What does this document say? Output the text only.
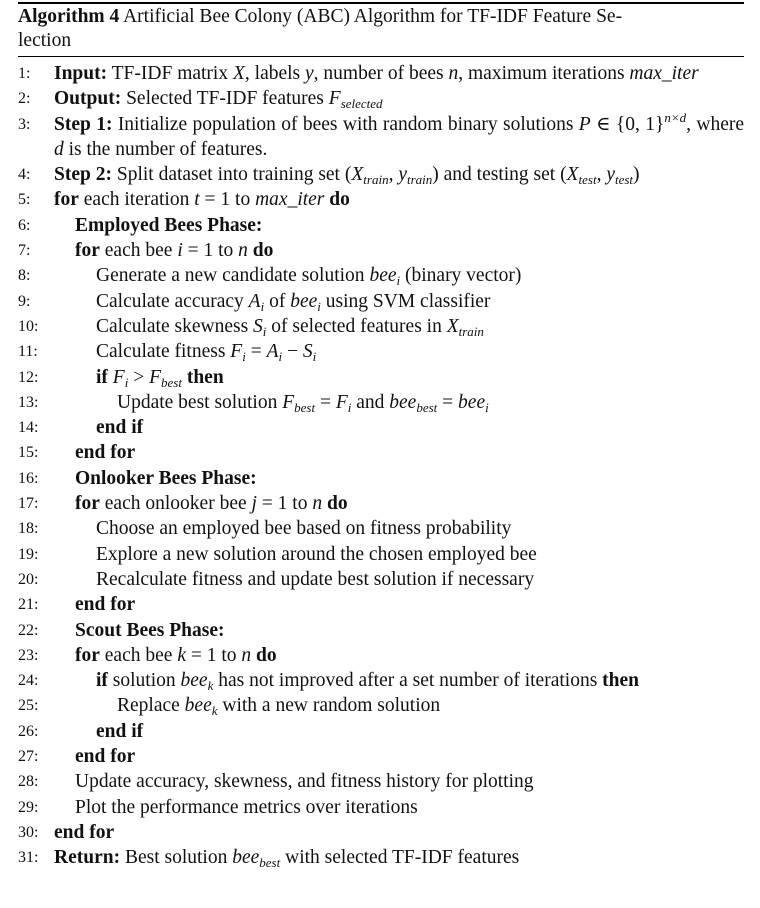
Algorithm 4 Artificial Bee Colony (ABC) Algorithm for TF-IDF Feature Se-
lection
1:	Input: TF-IDF matrix X, labels y, number of bees n, maximum iterations max_iter
2:	Output: Selected TF-IDF features $F_{selected}$
3:	Step 1: Initialize population of bees with random binary solutions P ∈ {0, 1}$^{n\times d}$, where d is the number of features.
4:	Step 2: Split dataset into training set ($X_{train}$, $y_{train}$) and testing set ($X_{test}$, $y_{test}$)
5:	for each iteration t = 1 to max_iter do
6:	Employed Bees Phase:
7:	for each bee i = 1 to n do
8:	Generate a new candidate solution bee$_i$ (binary vector)
9:	Calculate accuracy $A_i$ of bee$_i$ using SVM classifier
10:	Calculate skewness $S_i$ of selected features in $X_{train}$
11:	Calculate fitness $F_i = A_i - S_i$
12:	if $F_i > F_{best}$ then
13:	Update best solution $F_{best} = F_i$ and bee$_{best}$ = bee$_i$
14:	end if
15:	end for
16:	Onlooker Bees Phase:
17:	for each onlooker bee j = 1 to n do
18:	Choose an employed bee based on fitness probability
19:	Explore a new solution around the chosen employed bee
20:	Recalculate fitness and update best solution if necessary
21:	end for
22:	Scout Bees Phase:
23:	for each bee k = 1 to n do
24:	if solution bee$_k$ has not improved after a set number of iterations then
25:	Replace bee$_k$ with a new random solution
26:	end if
27:	end for
28:	Update accuracy, skewness, and fitness history for plotting
29:	Plot the performance metrics over iterations
30: end for
31: Return: Best solution bee$_{best}$ with selected TF-IDF features
